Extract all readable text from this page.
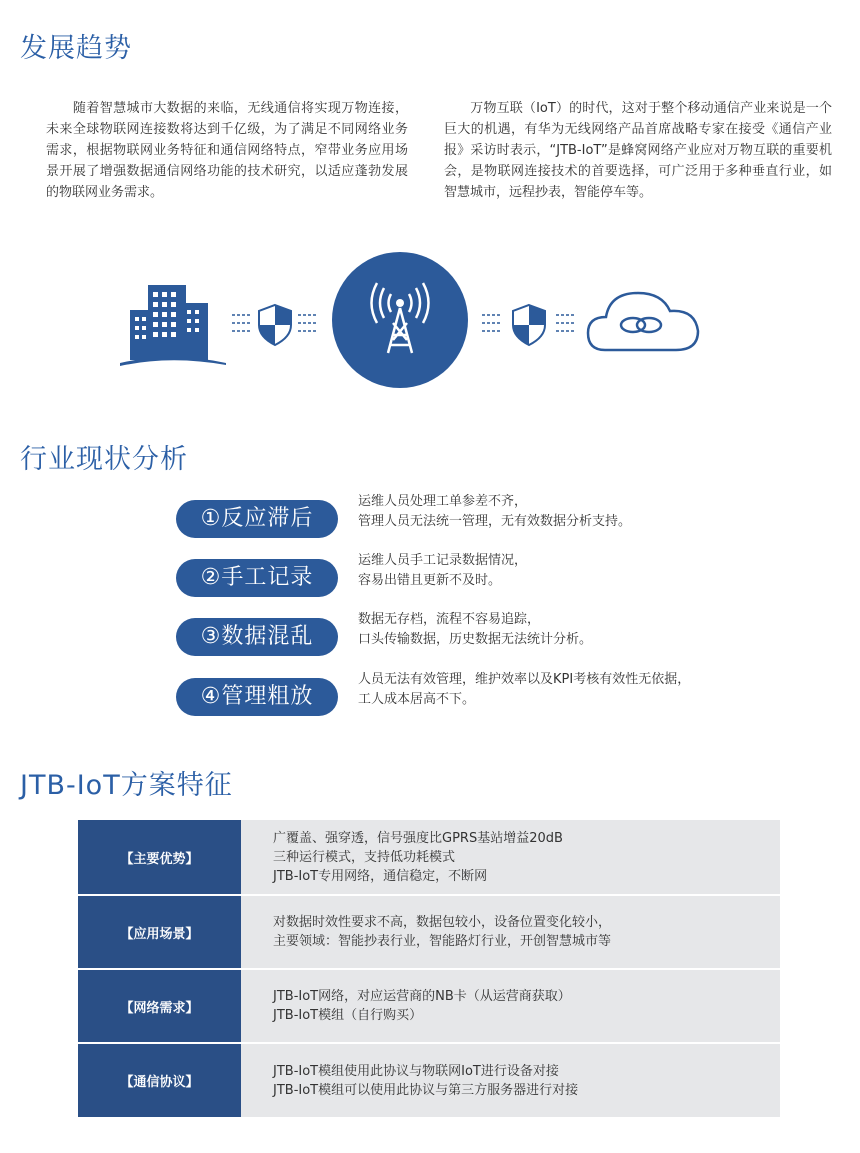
发展趋势

　　随着智慧城市大数据的来临，无线通信将实现万物连接，未来全球物联网连接数将达到千亿级，为了满足不同网络业务需求，根据物联网业务特征和通信网络特点，窄带业务应用场景开展了增强数据通信网络功能的技术研究，以适应蓬勃发展的物联网业务需求。

　　万物互联（IoT）的时代，这对于整个移动通信产业来说是一个巨大的机遇，有华为无线网络产品首席战略专家在接受《通信产业报》采访时表示，“JTB-IoT”是蜂窝网络产业应对万物互联的重要机会，是物联网连接技术的首要选择，可广泛用于多种垂直行业，如智慧城市，远程抄表，智能停车等。

行业现状分析
①反应滞后
运维人员处理工单参差不齐，
管理人员无法统一管理，无有效数据分析支持。
②手工记录
运维人员手工记录数据情况，
容易出错且更新不及时。
③数据混乱
数据无存档，流程不容易追踪，
口头传输数据，历史数据无法统计分析。
④管理粗放
人员无法有效管理，维护效率以及KPI考核有效性无依据，
工人成本居高不下。
JTB-IoT方案特征
【主要优势】
广覆盖、强穿透，信号强度比GPRS基站增益20dB
三种运行模式，支持低功耗模式
JTB-IoT专用网络，通信稳定，不断网
【应用场景】
对数据时效性要求不高，数据包较小，设备位置变化较小，
主要领域：智能抄表行业，智能路灯行业，开创智慧城市等
【网络需求】
JTB-IoT网络，对应运营商的NB卡（从运营商获取）
JTB-IoT模组（自行购买）
【通信协议】
JTB-IoT模组使用此协议与物联网IoT进行设备对接
JTB-IoT模组可以使用此协议与第三方服务器进行对接
